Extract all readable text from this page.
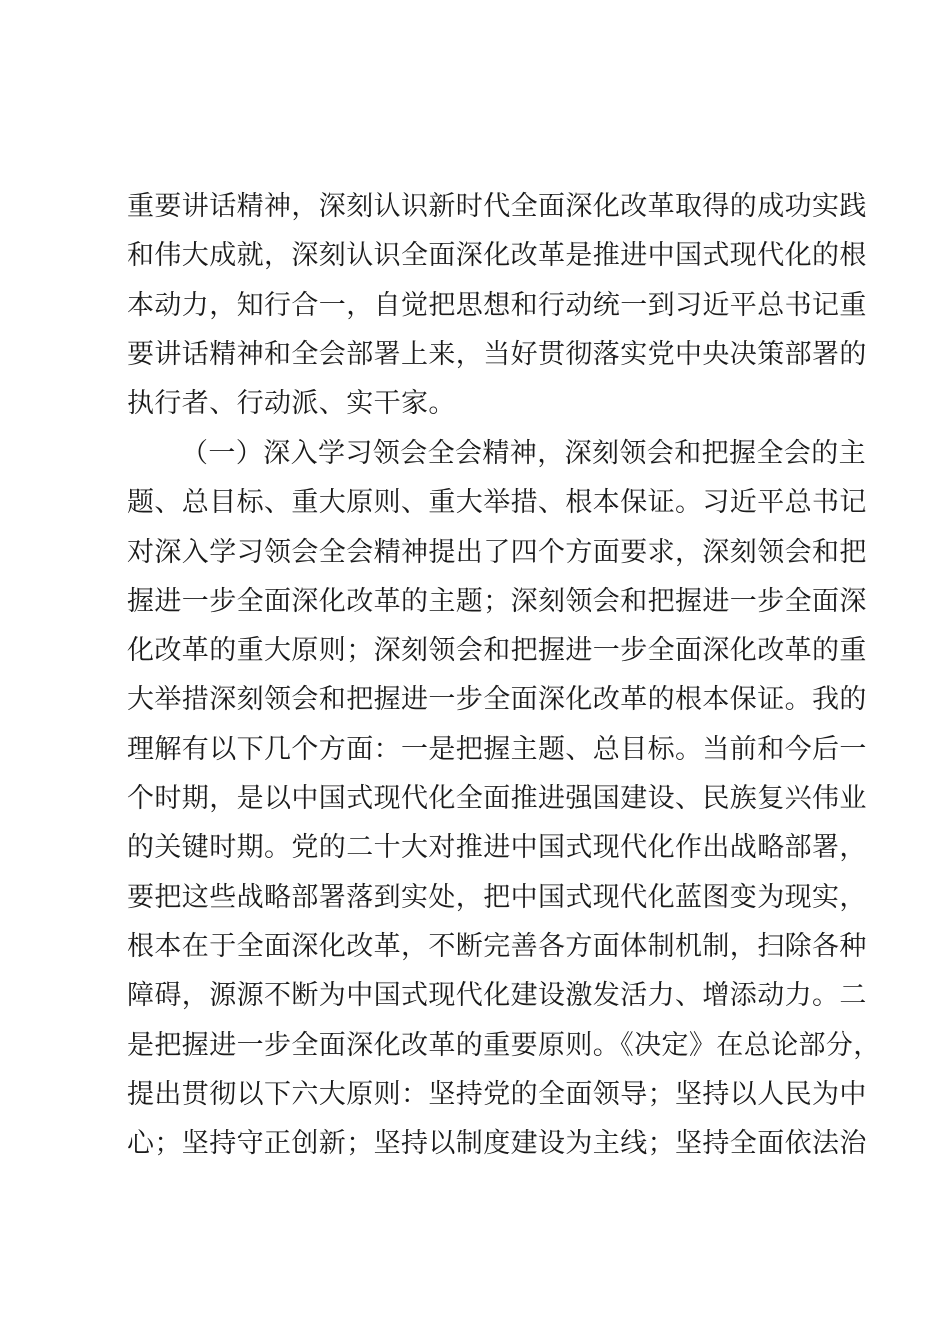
重要讲话精神，深刻认识新时代全面深化改革取得的成功实践
和伟大成就，深刻认识全面深化改革是推进中国式现代化的根
本动力，知行合一，自觉把思想和行动统一到习近平总书记重
要讲话精神和全会部署上来，当好贯彻落实党中央决策部署的
执行者、行动派、实干家。
（一）深入学习领会全会精神，深刻领会和把握全会的主
题、总目标、重大原则、重大举措、根本保证。习近平总书记
对深入学习领会全会精神提出了四个方面要求，深刻领会和把
握进一步全面深化改革的主题；深刻领会和把握进一步全面深
化改革的重大原则；深刻领会和把握进一步全面深化改革的重
大举措深刻领会和把握进一步全面深化改革的根本保证。我的
理解有以下几个方面：一是把握主题、总目标。当前和今后一
个时期，是以中国式现代化全面推进强国建设、民族复兴伟业
的关键时期。党的二十大对推进中国式现代化作出战略部署，
要把这些战略部署落到实处，把中国式现代化蓝图变为现实，
根本在于全面深化改革，不断完善各方面体制机制，扫除各种
障碍，源源不断为中国式现代化建设激发活力、增添动力。二
是把握进一步全面深化改革的重要原则。《决定》在总论部分，
提出贯彻以下六大原则：坚持党的全面领导；坚持以人民为中
心；坚持守正创新；坚持以制度建设为主线；坚持全面依法治
